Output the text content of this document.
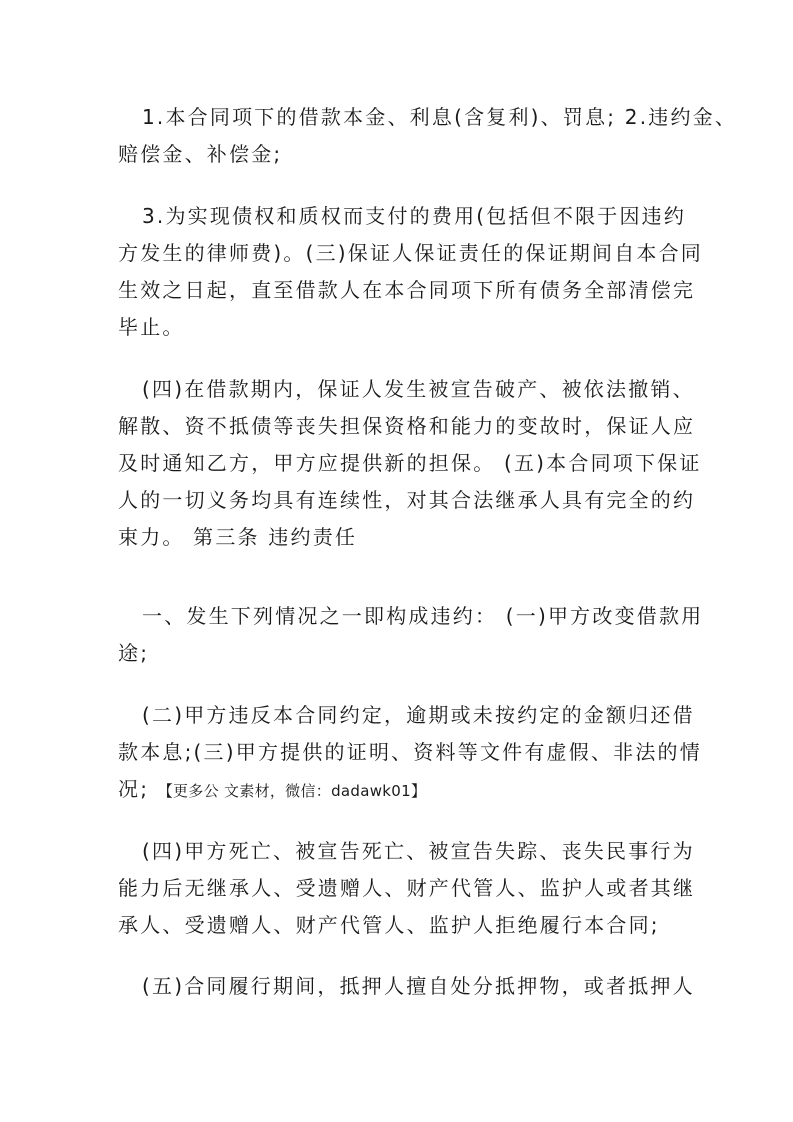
1.本合同项下的借款本金、利息(含复利)、罚息; 2.违约金、
赔偿金、补偿金;
3.为实现债权和质权而支付的费用(包括但不限于因违约
方发生的律师费)。(三)保证人保证责任的保证期间自本合同
生效之日起，直至借款人在本合同项下所有债务全部清偿完
毕止。
(四)在借款期内，保证人发生被宣告破产、被依法撤销、
解散、资不抵债等丧失担保资格和能力的变故时，保证人应
及时通知乙方，甲方应提供新的担保。 (五)本合同项下保证
人的一切义务均具有连续性，对其合法继承人具有完全的约
束力。 第三条 违约责任
一、发生下列情况之一即构成违约： (一)甲方改变借款用
途;
(二)甲方违反本合同约定，逾期或未按约定的金额归还借
款本息;(三)甲方提供的证明、资料等文件有虚假、非法的情
况; 【更多公 文素材，微信：dadawk01】
(四)甲方死亡、被宣告死亡、被宣告失踪、丧失民事行为
能力后无继承人、受遗赠人、财产代管人、监护人或者其继
承人、受遗赠人、财产代管人、监护人拒绝履行本合同;
(五)合同履行期间，抵押人擅自处分抵押物，或者抵押人
